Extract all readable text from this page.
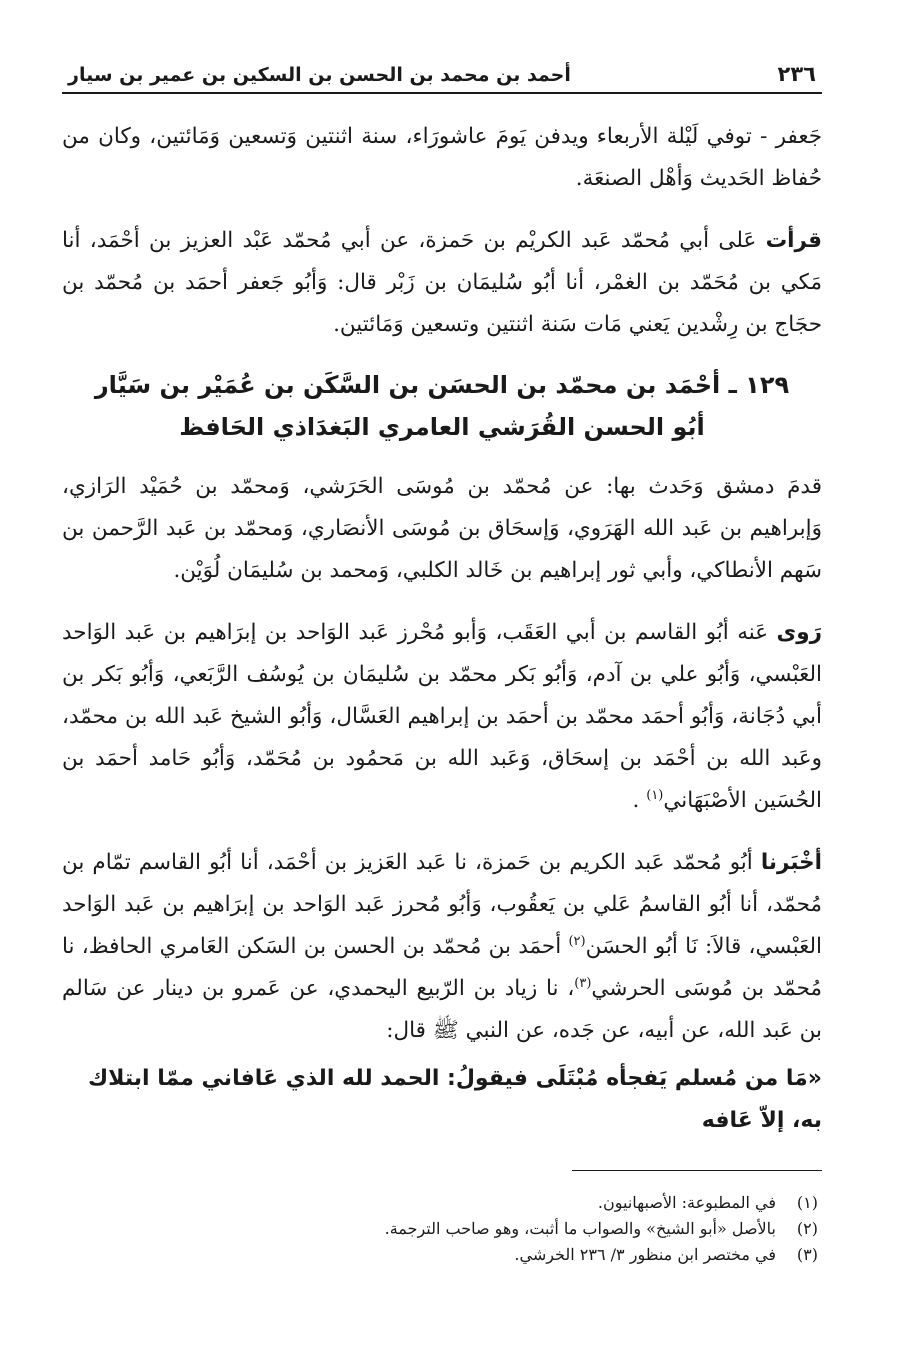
٢٣٦
أحمد بن محمد بن الحسن بن السكين بن عمير بن سيار

جَعفر - توفي لَيْلة الأربعاء ويدفن يَومَ عاشورَاء، سنة اثنتين وَتسعين وَمَائتين، وكان من حُفاظ الحَديث وَأهْل الصنعَة.

قرأت عَلى أبي مُحمّد عَبد الكريْم بن حَمزة، عن أبي مُحمّد عَبْد العزيز بن أحْمَد، أنا مَكي بن مُحَمّد بن الغمْر، أنا أبُو سُليمَان بن زَبْر قال: وَأبُو جَعفر أحمَد بن مُحمّد بن حجَاج بن رِشْدين يَعني مَات سَنة اثنتين وتسعين وَمَائتين.

١٢٩ ـ أحْمَد بن محمّد بن الحسَن بن السَّكَن بن عُمَيْر بن سَيَّار
أبُو الحسن القُرَشي العامري البَغدَاذي الحَافظ

قدمَ دمشق وَحَدث بها: عن مُحمّد بن مُوسَى الحَرَشي، وَمحمّد بن حُمَيْد الرَازي، وَإبراهيم بن عَبد الله الهَرَوي، وَإسحَاق بن مُوسَى الأنصَاري، وَمحمّد بن عَبد الرَّحمن بن سَهم الأنطاكي، وأبي ثور إبراهيم بن خَالد الكلبي، وَمحمد بن سُليمَان لُوَيْن.

رَوى عَنه أبُو القاسم بن أبي العَقَب، وَأبو مُحْرز عَبد الوَاحد بن إبرَاهيم بن عَبد الوَاحد العَبْسي، وَأبُو علي بن آدم، وَأبُو بَكر محمّد بن سُليمَان بن يُوسُف الرَّبَعي، وَأبُو بَكر بن أبي دُجَانة، وَأبُو أحمَد محمّد بن أحمَد بن إبراهيم العَسَّال، وَأبُو الشيخ عَبد الله بن محمّد، وعَبد الله بن أحْمَد بن إسحَاق، وَعَبد الله بن مَحمُود بن مُحَمّد، وَأبُو حَامد أحمَد بن الحُسَين الأصْبَهَاني$^{(١)}$ .

أخْبَرنا أبُو مُحمّد عَبد الكريم بن حَمزة، نا عَبد العَزيز بن أحْمَد، أنا أبُو القاسم تمّام بن مُحمّد، أنا أبُو القاسمُ عَلي بن يَعقُوب، وَأبُو مُحرز عَبد الوَاحد بن إبرَاهيم بن عَبد الوَاحد العَبْسي، قالاَ: نَا أبُو الحسَن$^{(٢)}$ أحمَد بن مُحمّد بن الحسن بن السَكن العَامري الحافظ، نا مُحمّد بن مُوسَى الحرشي$^{(٣)}$، نا زياد بن الرّبيع اليحمدي، عن عَمرو بن دينار عن سَالم بن عَبد الله، عن أبيه، عن جَده، عن النبي ﷺ قال:

«مَا من مُسلم يَفجأه مُبْتَلَى فيقولُ: الحمد لله الذي عَافاني ممّا ابتلاك به، إلاّ عَافه
(١)
في المطبوعة: الأصبهانيون.
(٢)
بالأصل «أبو الشيخ» والصواب ما أثبت، وهو صاحب الترجمة.
(٣)
في مختصر ابن منظور ٣/ ٢٣٦ الخرشي.
